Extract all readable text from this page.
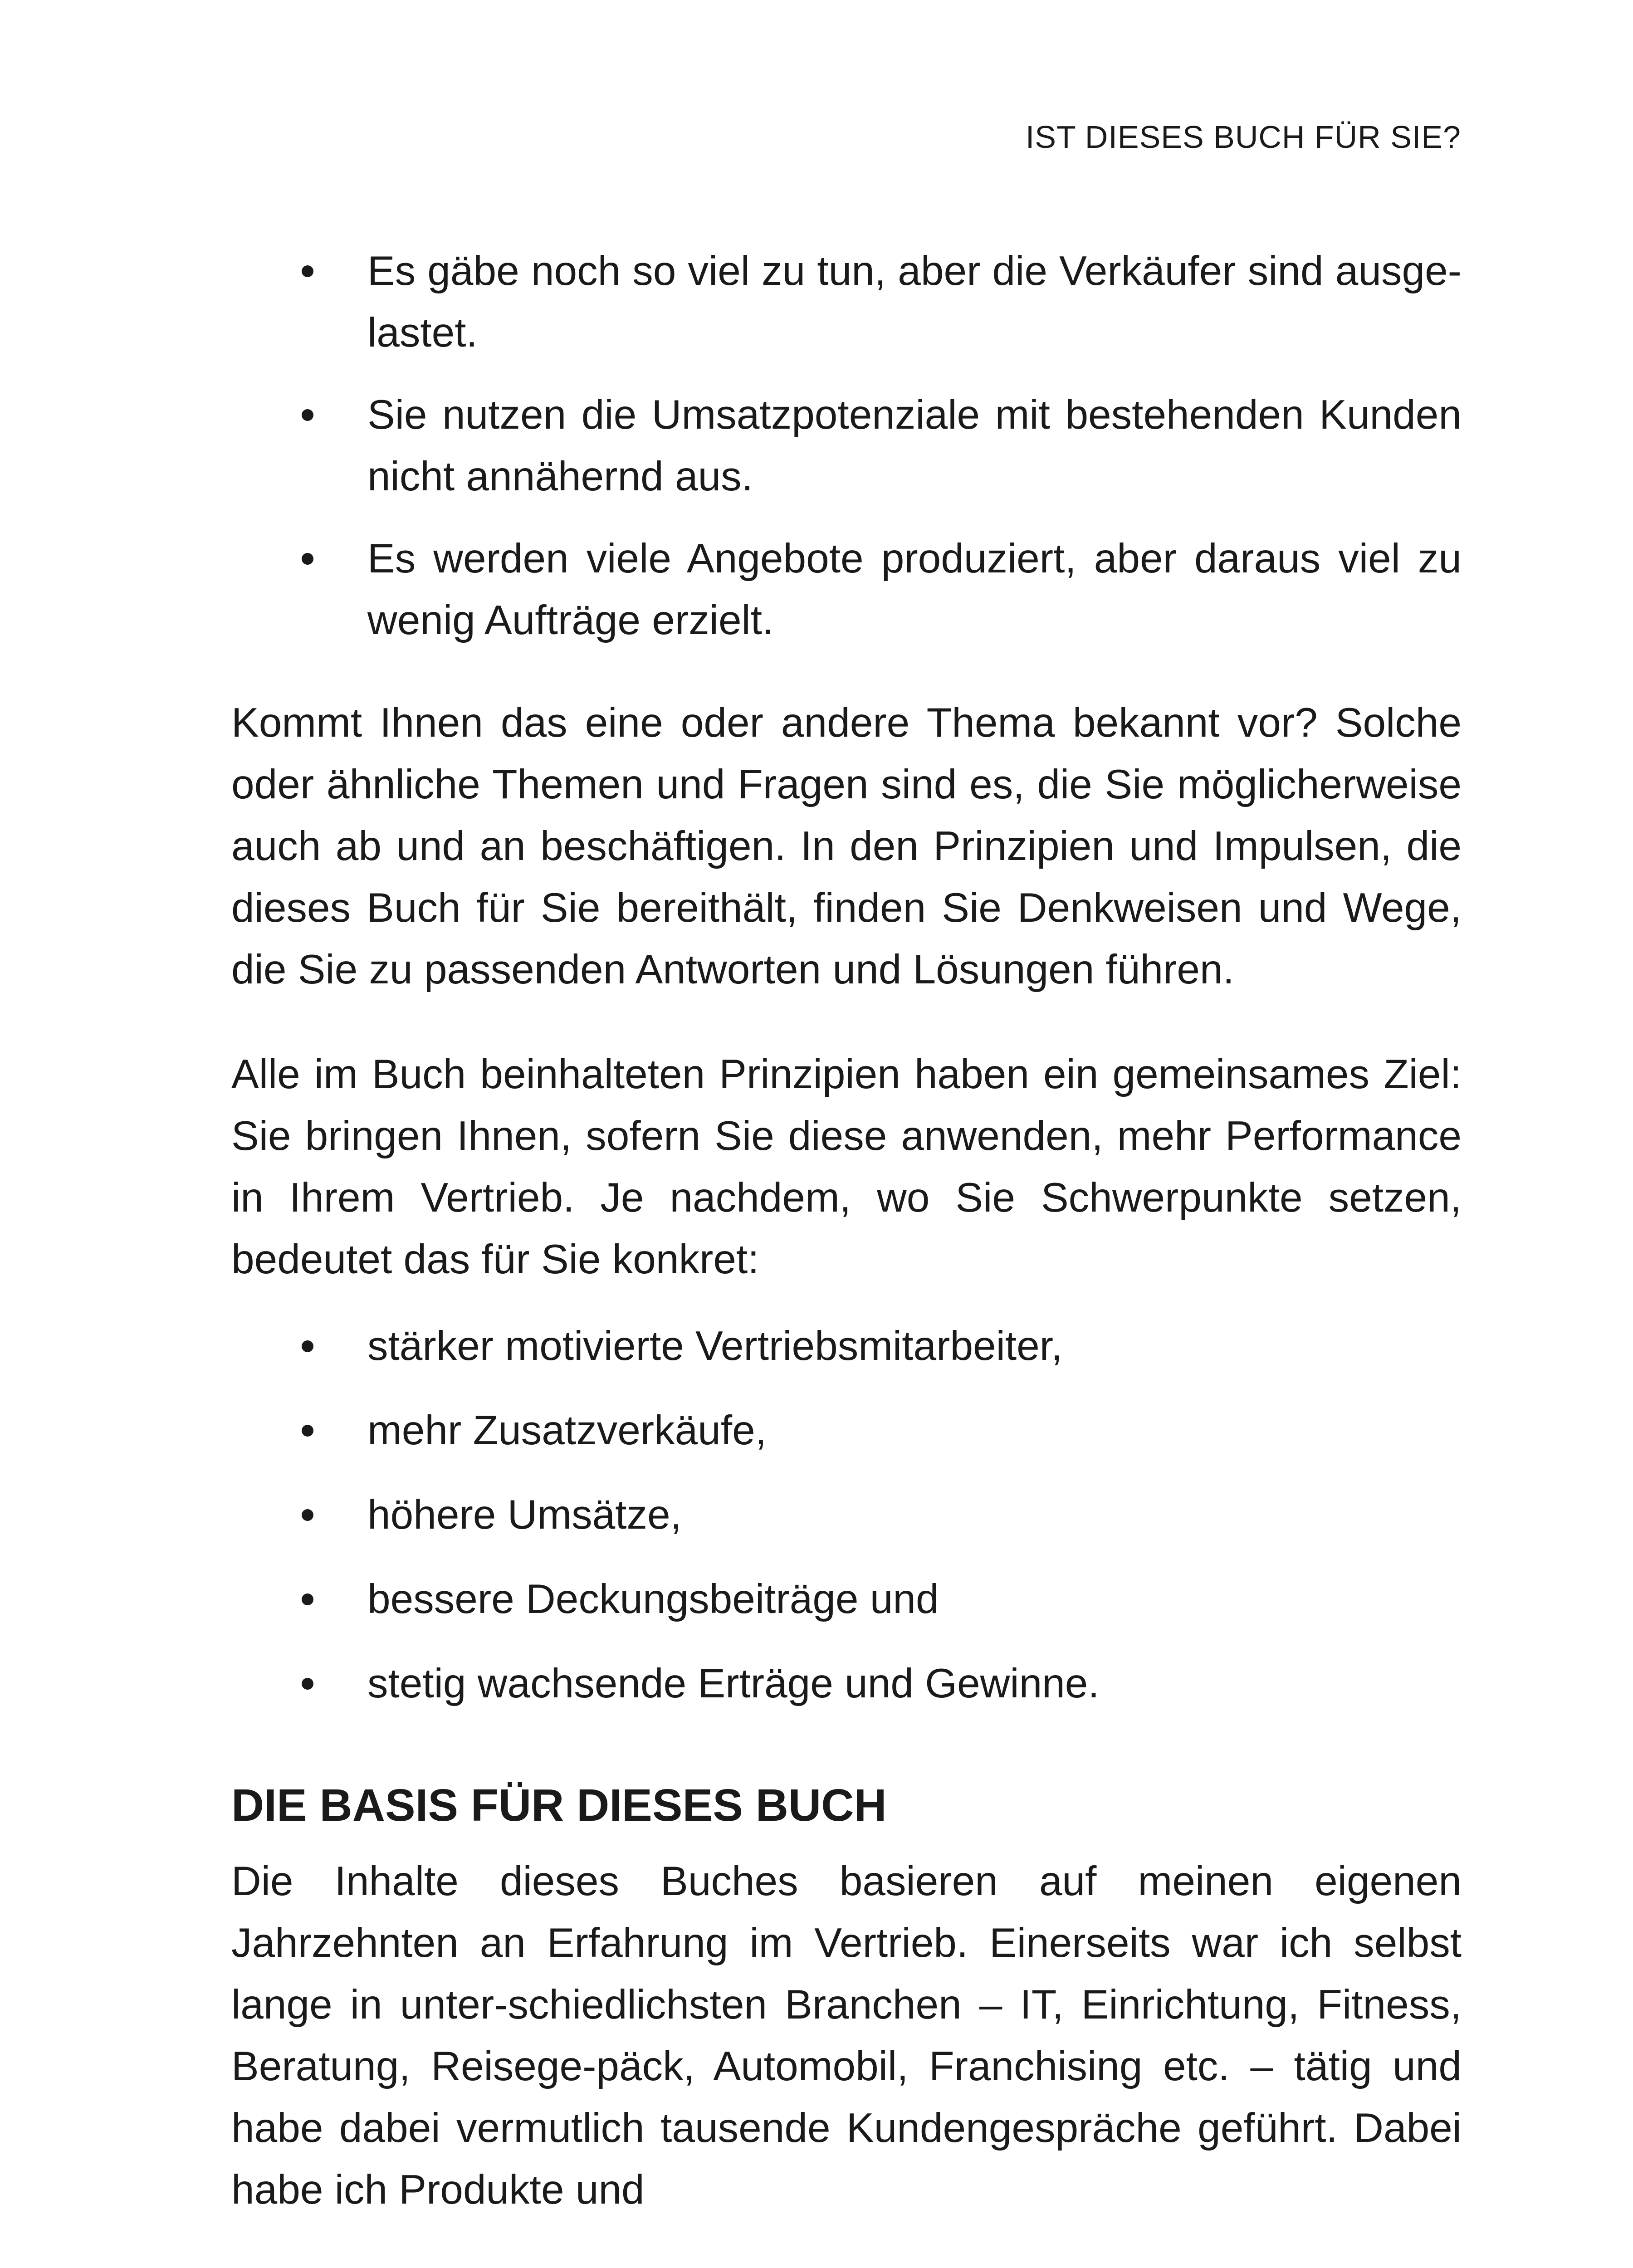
IST DIESES BUCH FÜR SIE?
Es gäbe noch so viel zu tun, aber die Verkäufer sind ausge-lastet.
Sie nutzen die Umsatzpotenziale mit bestehenden Kunden nicht annähernd aus.
Es werden viele Angebote produziert, aber daraus viel zu wenig Aufträge erzielt.

Kommt Ihnen das eine oder andere Thema bekannt vor? Solche oder ähnliche Themen und Fragen sind es, die Sie möglicherweise auch ab und an beschäftigen. In den Prinzipien und Impulsen, die dieses Buch für Sie bereithält, finden Sie Denkweisen und Wege, die Sie zu passenden Antworten und Lösungen führen.

Alle im Buch beinhalteten Prinzipien haben ein gemeinsames Ziel: Sie bringen Ihnen, sofern Sie diese anwenden, mehr Performance in Ihrem Vertrieb. Je nachdem, wo Sie Schwerpunkte setzen, bedeutet das für Sie konkret:

stärker motivierte Vertriebsmitarbeiter,
mehr Zusatzverkäufe,
höhere Umsätze,
bessere Deckungsbeiträge und
stetig wachsende Erträge und Gewinne.
DIE BASIS FÜR DIESES BUCH

Die Inhalte dieses Buches basieren auf meinen eigenen Jahrzehnten an Erfahrung im Vertrieb. Einerseits war ich selbst lange in unter-schiedlichsten Branchen – IT, Einrichtung, Fitness, Beratung, Reisege-päck, Automobil, Franchising etc. – tätig und habe dabei vermutlich tausende Kundengespräche geführt. Dabei habe ich Produkte und
